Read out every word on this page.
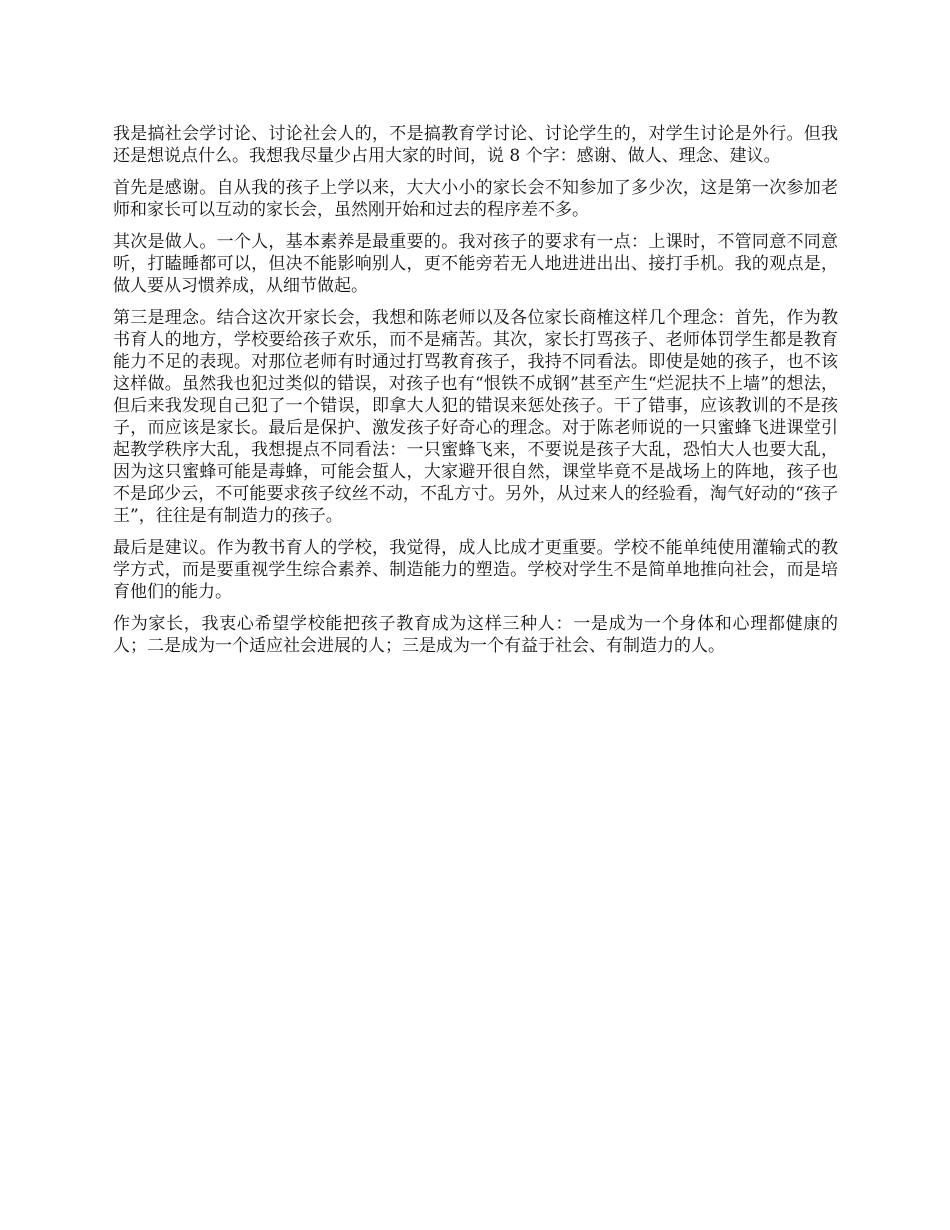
我是搞社会学讨论、讨论社会人的，不是搞教育学讨论、讨论学生的，对学生讨论是外行。但我还是想说点什么。我想我尽量少占用大家的时间，说 8 个字：感谢、做人、理念、建议。

首先是感谢。自从我的孩子上学以来，大大小小的家长会不知参加了多少次，这是第一次参加老师和家长可以互动的家长会，虽然刚开始和过去的程序差不多。

其次是做人。一个人，基本素养是最重要的。我对孩子的要求有一点：上课时，不管同意不同意听，打瞌睡都可以，但决不能影响别人，更不能旁若无人地进进出出、接打手机。我的观点是，做人要从习惯养成，从细节做起。

第三是理念。结合这次开家长会，我想和陈老师以及各位家长商榷这样几个理念：首先，作为教书育人的地方，学校要给孩子欢乐，而不是痛苦。其次，家长打骂孩子、老师体罚学生都是教育能力不足的表现。对那位老师有时通过打骂教育孩子，我持不同看法。即使是她的孩子，也不该这样做。虽然我也犯过类似的错误，对孩子也有“恨铁不成钢”甚至产生“烂泥扶不上墙”的想法，但后来我发现自己犯了一个错误，即拿大人犯的错误来惩处孩子。干了错事，应该教训的不是孩子，而应该是家长。最后是保护、激发孩子好奇心的理念。对于陈老师说的一只蜜蜂飞进课堂引起教学秩序大乱，我想提点不同看法：一只蜜蜂飞来，不要说是孩子大乱，恐怕大人也要大乱，因为这只蜜蜂可能是毒蜂，可能会蜇人，大家避开很自然，课堂毕竟不是战场上的阵地，孩子也不是邱少云，不可能要求孩子纹丝不动，不乱方寸。另外，从过来人的经验看，淘气好动的“孩子王”，往往是有制造力的孩子。

最后是建议。作为教书育人的学校，我觉得，成人比成才更重要。学校不能单纯使用灌输式的教学方式，而是要重视学生综合素养、制造能力的塑造。学校对学生不是简单地推向社会，而是培育他们的能力。

作为家长，我衷心希望学校能把孩子教育成为这样三种人：一是成为一个身体和心理都健康的人；二是成为一个适应社会进展的人；三是成为一个有益于社会、有制造力的人。
